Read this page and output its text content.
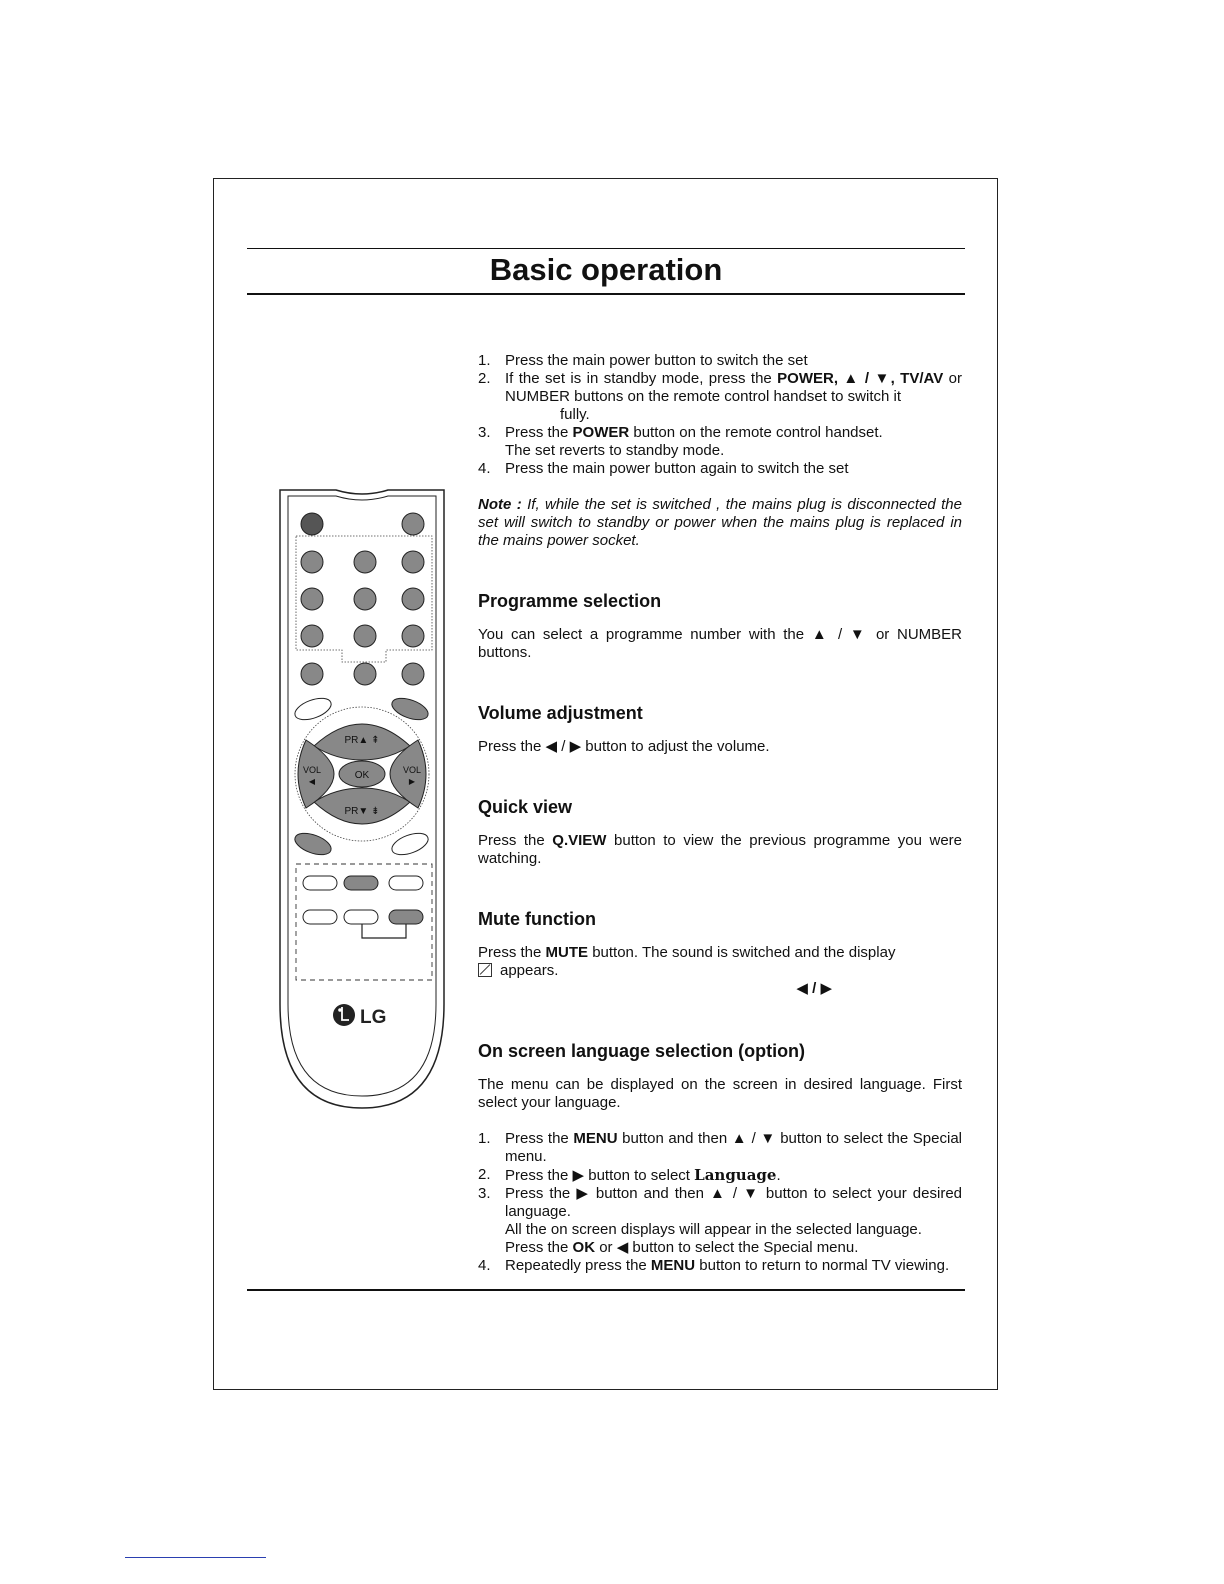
Basic operation
PR▲ ⇞
PR▼ ⇟
VOL
◀
VOL
▶
OK
LG
1. Press the main power button to switch the set
2. If the set is in standby mode, press the POWER, ▲ / ▼, TV/AV or NUMBER buttons on the remote control handset to switch it
fully.
3. Press the POWER button on the remote control handset.
The set reverts to standby mode.
4. Press the main power button again to switch the set

Note : If, while the set is switched , the mains plug is disconnected the set will switch to standby or power when the mains plug is replaced in the mains power socket.

Programme selection

You can select a programme number with the ▲ / ▼ or NUMBER buttons.

Volume adjustment

Press the ◀ / ▶ button to adjust the volume.

Quick view

Press the Q.VIEW button to view the previous programme you were watching.

Mute function

Press the MUTE button. The sound is switched and the display

appears.
◀ / ▶
On screen language selection (option)

The menu can be displayed on the screen in desired language. First select your language.

1. Press the MENU button and then ▲ / ▼ button to select the Special menu.
2. Press the ▶ button to select Language.
3. Press the ▶ button and then ▲ / ▼ button to select your desired language.
All the on screen displays will appear in the selected language.
Press the OK or ◀ button to select the Special menu.
4. Repeatedly press the MENU button to return to normal TV viewing.
